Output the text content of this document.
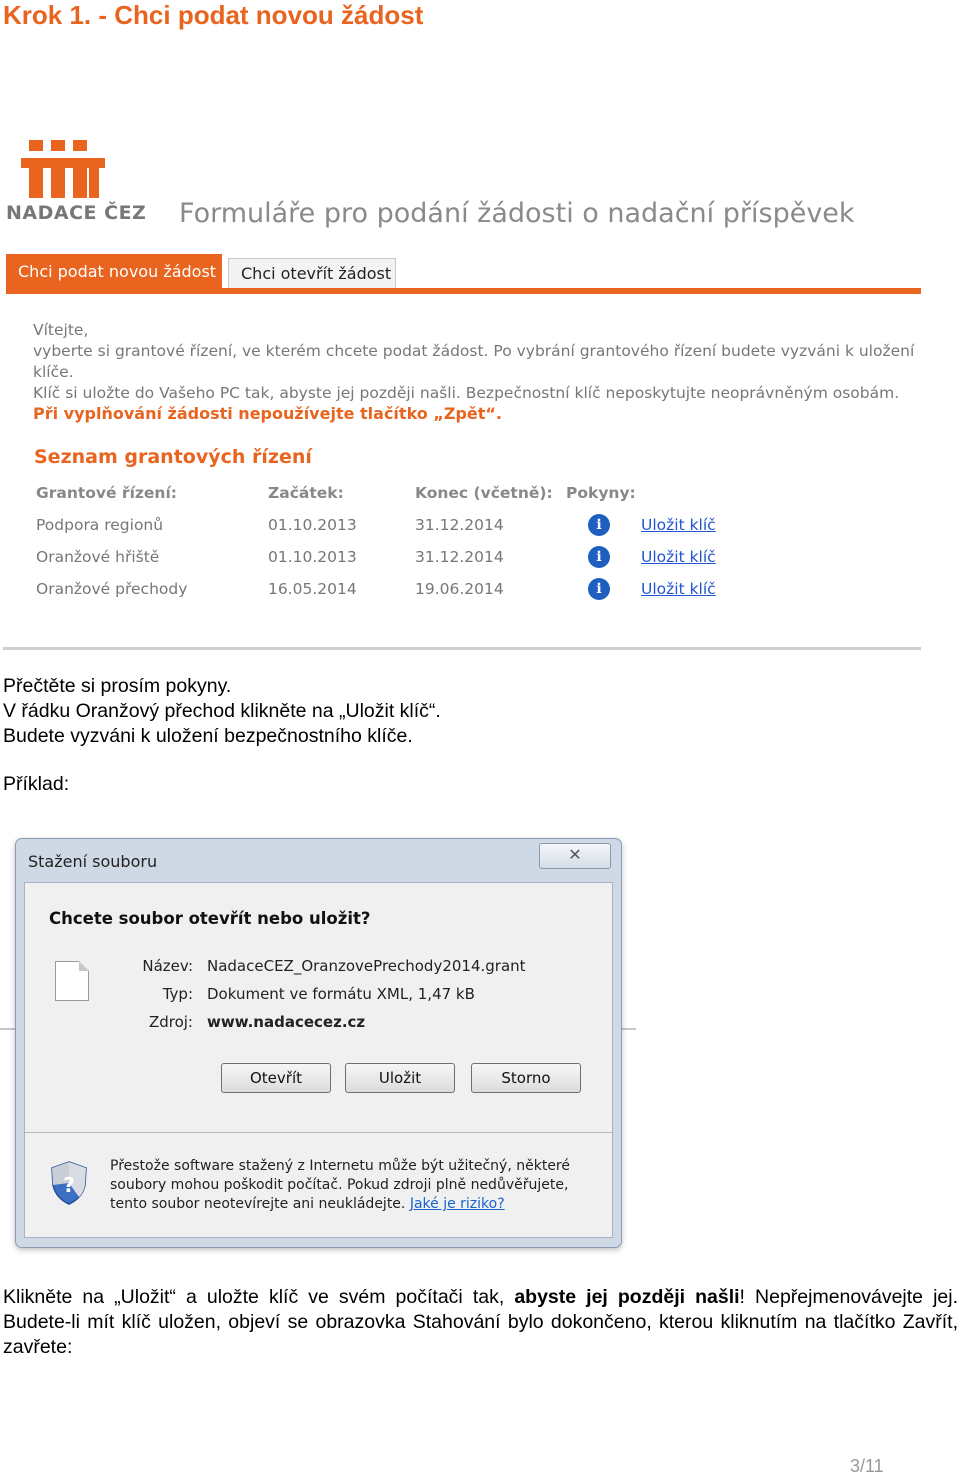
Krok 1. - Chci podat novou žádost
NADACE ČEZ Formuláře pro podání žádosti o nadační příspěvek
Chci podat novou žádost	Chci otevřít žádost
Vítejte,
vyberte si grantové řízení, ve kterém chcete podat žádost. Po vybrání grantového řízení budete vyzváni k uložení klíče.
Klíč si uložte do Vašeho PC tak, abyste jej později našli. Bezpečnostní klíč neposkytujte neoprávněným osobám.
Při vyplňování žádosti nepoužívejte tlačítko „Zpět“.
Seznam grantových řízení
Grantové řízení:	Začátek:	Konec (včetně): Pokyny:
Podpora regionů	01.10.2013	31.12.2014	i	Uložit klíč
Oranžové hřiště	01.10.2013	31.12.2014	i	Uložit klíč
Oranžové přechody	16.05.2014	19.06.2014	i	Uložit klíč
Přečtěte si prosím pokyny.
V řádku Oranžový přechod klikněte na „Uložit klíč“.
Budete vyzváni k uložení bezpečnostního klíče.
Příklad:
Stažení souboru	✕
Chcete soubor otevřít nebo uložit?
Název: NadaceCEZ_OranzovePrechody2014.grant
Typ: Dokument ve formátu XML, 1,47 kB
Zdroj: www.nadacecez.cz
Otevřít	Uložit	Storno
?
Přestože software stažený z Internetu může být užitečný, některé soubory mohou poškodit počítač. Pokud zdroji plně nedůvěřujete, tento soubor neotevírejte ani neukládejte. Jaké je riziko?
Klikněte na „Uložit“ a uložte klíč ve svém počítači tak, abyste jej později našli! Nepřejmenovávejte jej. Budete-li mít klíč uložen, objeví se obrazovka Stahování bylo dokončeno, kterou kliknutím na tlačítko Zavřít, zavřete:
3/11
